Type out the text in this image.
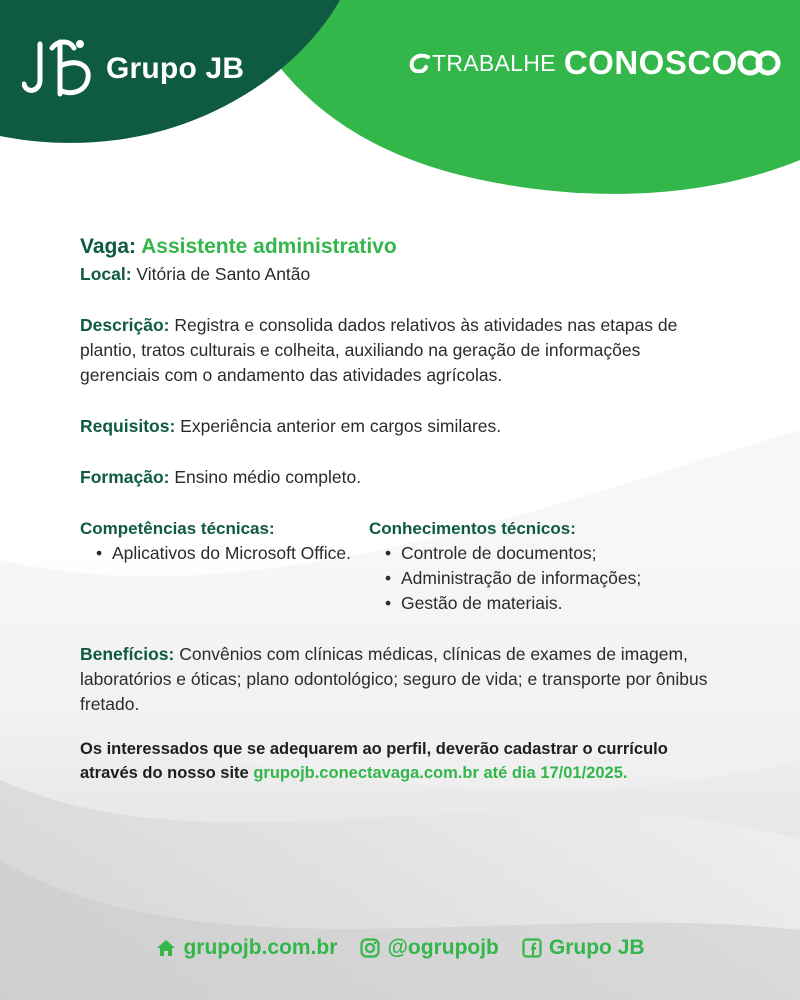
Grupo JB	TRABALHE CONOSCO
Vaga: Assistente administrativo
Local: Vitória de Santo Antão
Descrição: Registra e consolida dados relativos às atividades nas etapas de plantio, tratos culturais e colheita, auxiliando na geração de informações gerenciais com o andamento das atividades agrícolas.
Requisitos: Experiência anterior em cargos similares.
Formação: Ensino médio completo.
Competências técnicas:
• Aplicativos do Microsoft Office.
Conhecimentos técnicos:
• Controle de documentos;
• Administração de informações;
• Gestão de materiais.
Benefícios: Convênios com clínicas médicas, clínicas de exames de imagem, laboratórios e óticas; plano odontológico; seguro de vida; e transporte por ônibus fretado.
Os interessados que se adequarem ao perfil, deverão cadastrar o currículo através do nosso site grupojb.conectavaga.com.br até dia 17/01/2025.
grupojb.com.br @ogrupojb Grupo JB
